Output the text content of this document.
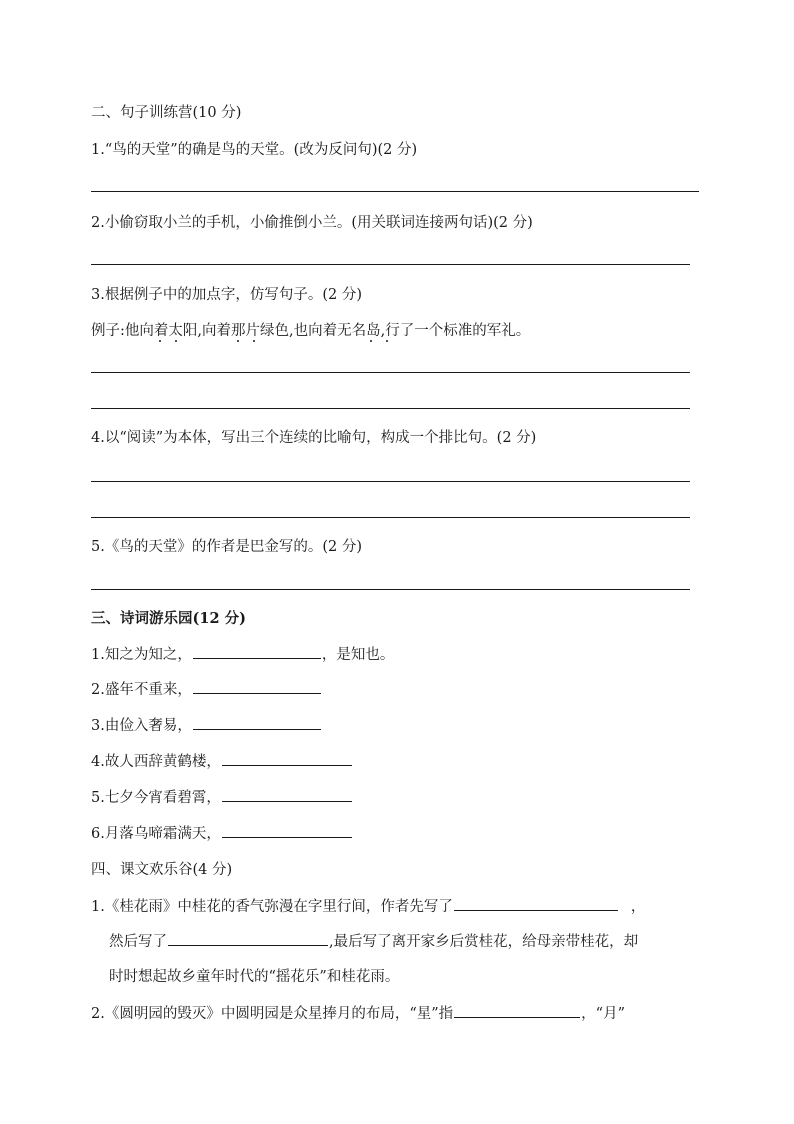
二、句子训练营(10 分)
1.“鸟的天堂”的确是鸟的天堂。(改为反问句)(2 分)
2.小偷窃取小兰的手机，小偷推倒小兰。(用关联词连接两句话)(2 分)
3.根据例子中的加点字，仿写句子。(2 分)
例子:他向着太阳,向着那片绿色,也向着无名岛,行了一个标准的军礼。
4.以“阅读”为本体，写出三个连续的比喻句，构成一个排比句。(2 分)
5.《鸟的天堂》的作者是巴金写的。(2 分)
三、诗词游乐园(12 分)
1.知之为知之，	，是知也。
2.盛年不重来，
3.由俭入奢易，
4.故人西辞黄鹤楼，
5.七夕今宵看碧霄，
6.月落乌啼霜满天，
四、课文欢乐谷(4 分)
1.《桂花雨》中桂花的香气弥漫在字里行间，作者先写了	，
然后写了	,最后写了离开家乡后赏桂花，给母亲带桂花，却
时时想起故乡童年时代的“摇花乐”和桂花雨。
2.《圆明园的毁灭》中圆明园是众星捧月的布局，“星”指	，“月”
